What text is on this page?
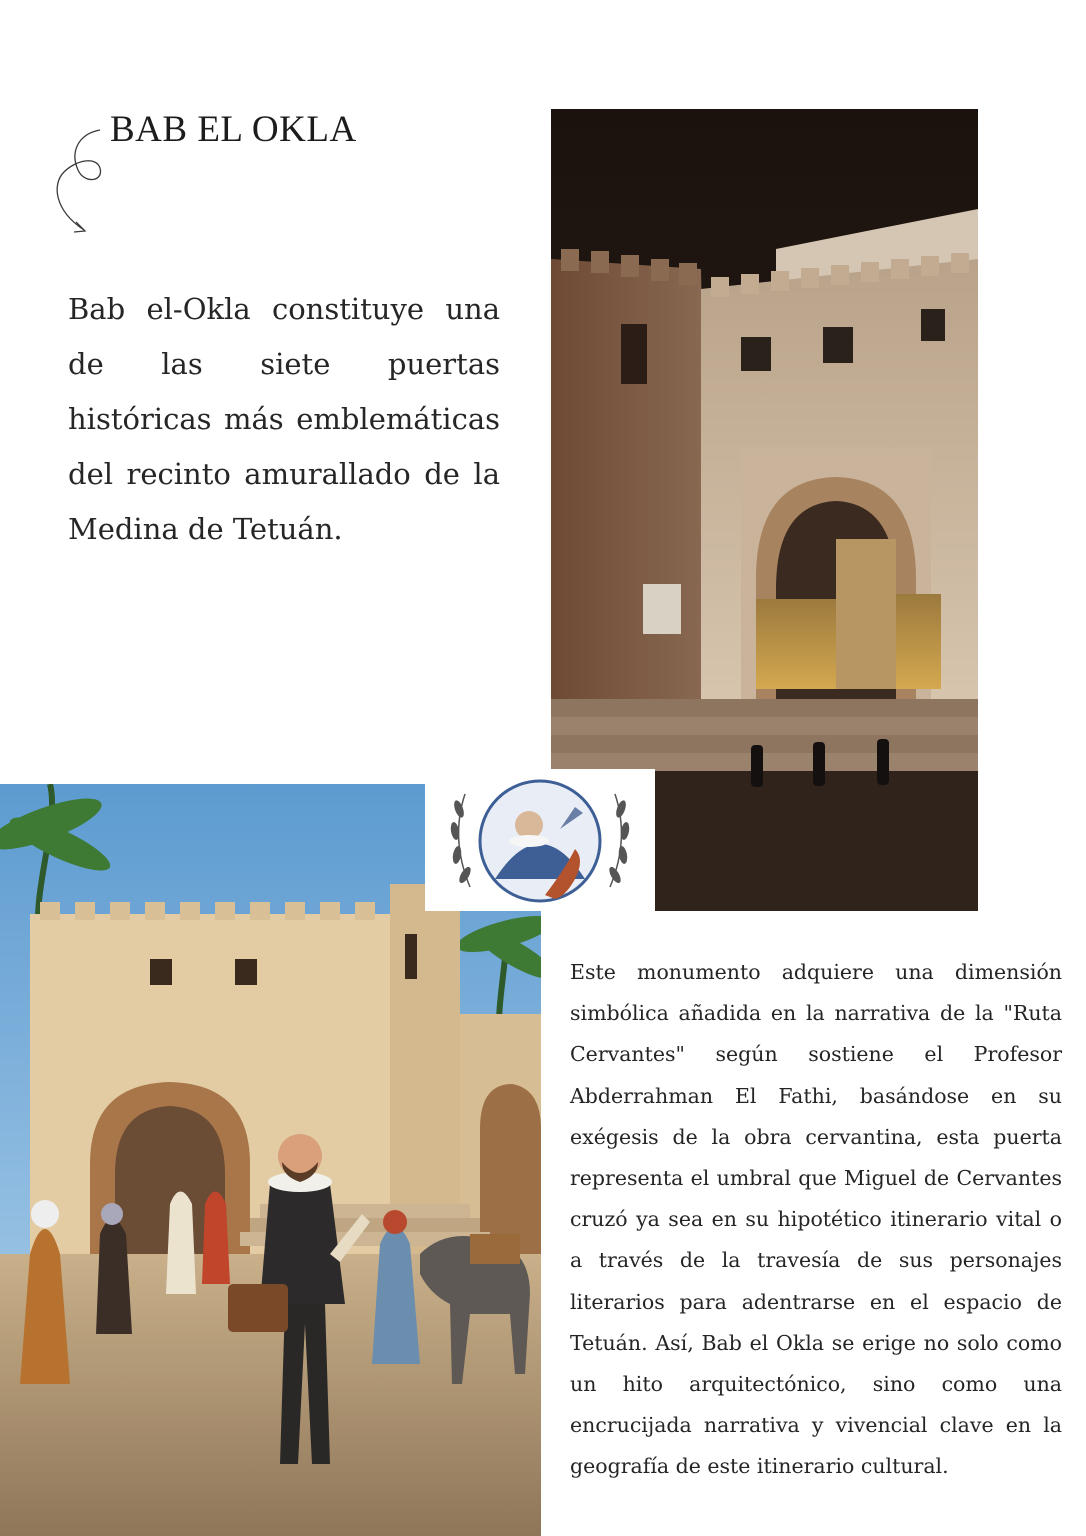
BAB EL OKLA

Bab el-Okla constituye una de las siete puertas históricas más emblemáticas del recinto amurallado de la Medina de Tetuán.

Este monumento adquiere una dimensión simbólica añadida en la narrativa de la "Ruta Cervantes" según sostiene el Profesor Abderrahman El Fathi, basándose en su exégesis de la obra cervantina, esta puerta representa el umbral que Miguel de Cervantes cruzó ya sea en su hipotético itinerario vital o a través de la travesía de sus personajes literarios para adentrarse en el espacio de Tetuán. Así, Bab el Okla se erige no solo como un hito arquitectónico, sino como una encrucijada narrativa y vivencial clave en la geografía de este itinerario cultural.
